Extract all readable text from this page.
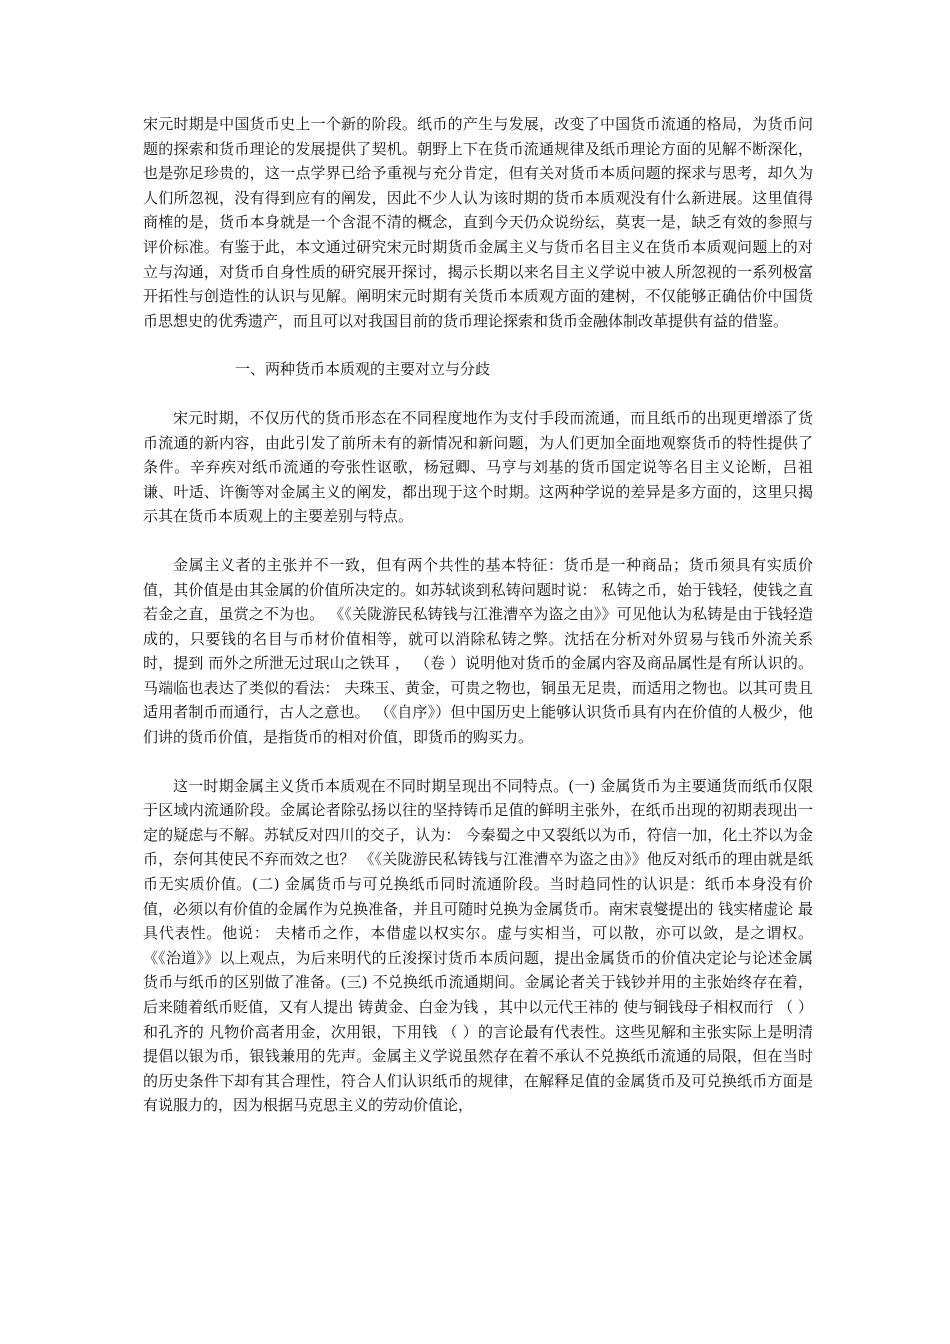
宋元时期是中国货币史上一个新的阶段。纸币的产生与发展，改变了中国货币流通的格局，为货币问题的探索和货币理论的发展提供了契机。朝野上下在货币流通规律及纸币理论方面的见解不断深化，也是弥足珍贵的，这一点学界已给予重视与充分肯定，但有关对货币本质问题的探求与思考，却久为人们所忽视，没有得到应有的阐发，因此不少人认为该时期的货币本质观没有什么新进展。这里值得商榷的是，货币本身就是一个含混不清的概念，直到今天仍众说纷纭，莫衷一是，缺乏有效的参照与评价标准。有鉴于此，本文通过研究宋元时期货币金属主义与货币名目主义在货币本质观问题上的对立与沟通，对货币自身性质的研究展开探讨，揭示长期以来名目主义学说中被人所忽视的一系列极富开拓性与创造性的认识与见解。阐明宋元时期有关货币本质观方面的建树，不仅能够正确估价中国货币思想史的优秀遗产，而且可以对我国目前的货币理论探索和货币金融体制改革提供有益的借鉴。

一、两种货币本质观的主要对立与分歧

宋元时期，不仅历代的货币形态在不同程度地作为支付手段而流通，而且纸币的出现更增添了货币流通的新内容，由此引发了前所未有的新情况和新问题，为人们更加全面地观察货币的特性提供了条件。辛弃疾对纸币流通的夸张性讴歌，杨冠卿、马亨与刘基的货币国定说等名目主义论断，吕祖谦、叶适、许衡等对金属主义的阐发，都出现于这个时期。这两种学说的差异是多方面的，这里只揭示其在货币本质观上的主要差别与特点。

金属主义者的主张并不一致，但有两个共性的基本特征：货币是一种商品；货币须具有实质价值，其价值是由其金属的价值所决定的。如苏轼谈到私铸问题时说： 私铸之币，始于钱轻，使钱之直若金之直，虽赏之不为也。 《《关陇游民私铸钱与江淮漕卒为盗之由》》可见他认为私铸是由于钱轻造成的，只要钱的名目与币材价值相等，就可以消除私铸之弊。沈括在分析对外贸易与钱币外流关系时，提到 而外之所泄无过珉山之铁耳 ， （卷 ）说明他对货币的金属内容及商品属性是有所认识的。马端临也表达了类似的看法： 夫珠玉、黄金，可贵之物也，铜虽无足贵，而适用之物也。以其可贵且适用者制币而通行，古人之意也。 （《自序》）但中国历史上能够认识货币具有内在价值的人极少，他们讲的货币价值，是指货币的相对价值，即货币的购买力。

这一时期金属主义货币本质观在不同时期呈现出不同特点。(一) 金属货币为主要通货而纸币仅限于区域内流通阶段。金属论者除弘扬以往的坚持铸币足值的鲜明主张外，在纸币出现的初期表现出一定的疑虑与不解。苏轼反对四川的交子，认为： 今秦蜀之中又裂纸以为币，符信一加，化土芥以为金币，奈何其使民不弃而效之也？ 《《关陇游民私铸钱与江淮漕卒为盗之由》》他反对纸币的理由就是纸币无实质价值。(二) 金属货币与可兑换纸币同时流通阶段。当时趋同性的认识是：纸币本身没有价值，必须以有价值的金属作为兑换准备，并且可随时兑换为金属货币。南宋袁燮提出的 钱实楮虚论 最具代表性。他说： 夫楮币之作，本借虚以权实尔。虚与实相当，可以散，亦可以敛，是之谓权。 《《治道》》以上观点，为后来明代的丘浚探讨货币本质问题，提出金属货币的价值决定论与论述金属货币与纸币的区别做了准备。(三) 不兑换纸币流通期间。金属论者关于钱钞并用的主张始终存在着，后来随着纸币贬值，又有人提出 铸黄金、白金为钱 ，其中以元代王祎的 使与铜钱母子相权而行 （ ）和孔齐的 凡物价高者用金，次用银，下用钱 （ ）的言论最有代表性。这些见解和主张实际上是明清提倡以银为币，银钱兼用的先声。金属主义学说虽然存在着不承认不兑换纸币流通的局限，但在当时的历史条件下却有其合理性，符合人们认识纸币的规律，在解释足值的金属货币及可兑换纸币方面是有说服力的，因为根据马克思主义的劳动价值论，
